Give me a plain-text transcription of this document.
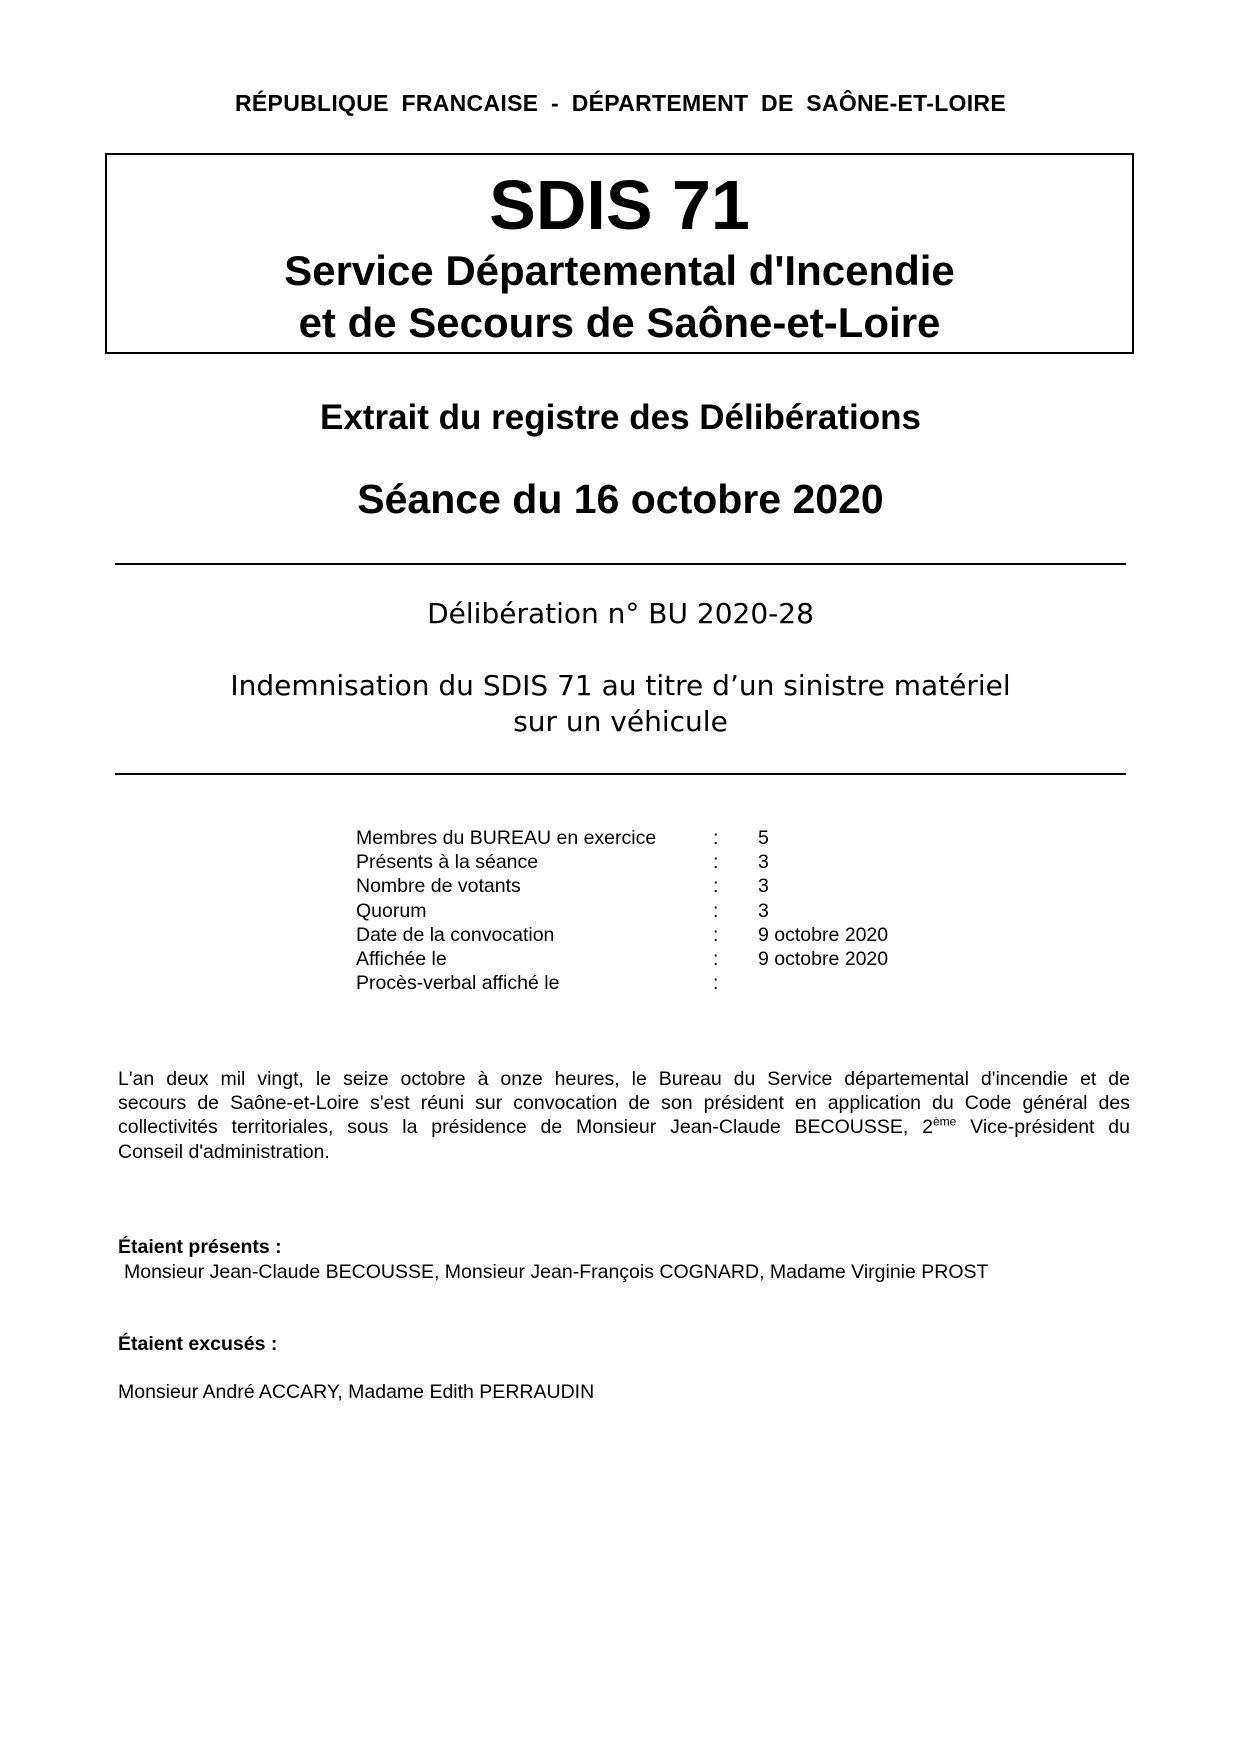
RÉPUBLIQUE FRANCAISE - DÉPARTEMENT DE SAÔNE-ET-LOIRE
SDIS 71
Service Départemental d'Incendie
et de Secours de Saône-et-Loire
Extrait du registre des Délibérations
Séance du 16 octobre 2020
Délibération n° BU 2020-28
Indemnisation du SDIS 71 au titre d’un sinistre matériel
sur un véhicule
Membres du BUREAU en exercice	: 5
Présents à la séance	: 3
Nombre de votants	: 3
Quorum	: 3
Date de la convocation	: 9 octobre 2020
Affichée le	: 9 octobre 2020
Procès-verbal affiché le	:
L'an deux mil vingt, le seize octobre à onze heures, le Bureau du Service départemental d'incendie et de
secours de Saône-et-Loire s'est réuni sur convocation de son président en application du Code général des
collectivités territoriales, sous la présidence de Monsieur Jean-Claude BECOUSSE, 2ème Vice-président du
Conseil d'administration.
Étaient présents :
Monsieur Jean-Claude BECOUSSE, Monsieur Jean-François COGNARD, Madame Virginie PROST
Étaient excusés :
Monsieur André ACCARY, Madame Edith PERRAUDIN
